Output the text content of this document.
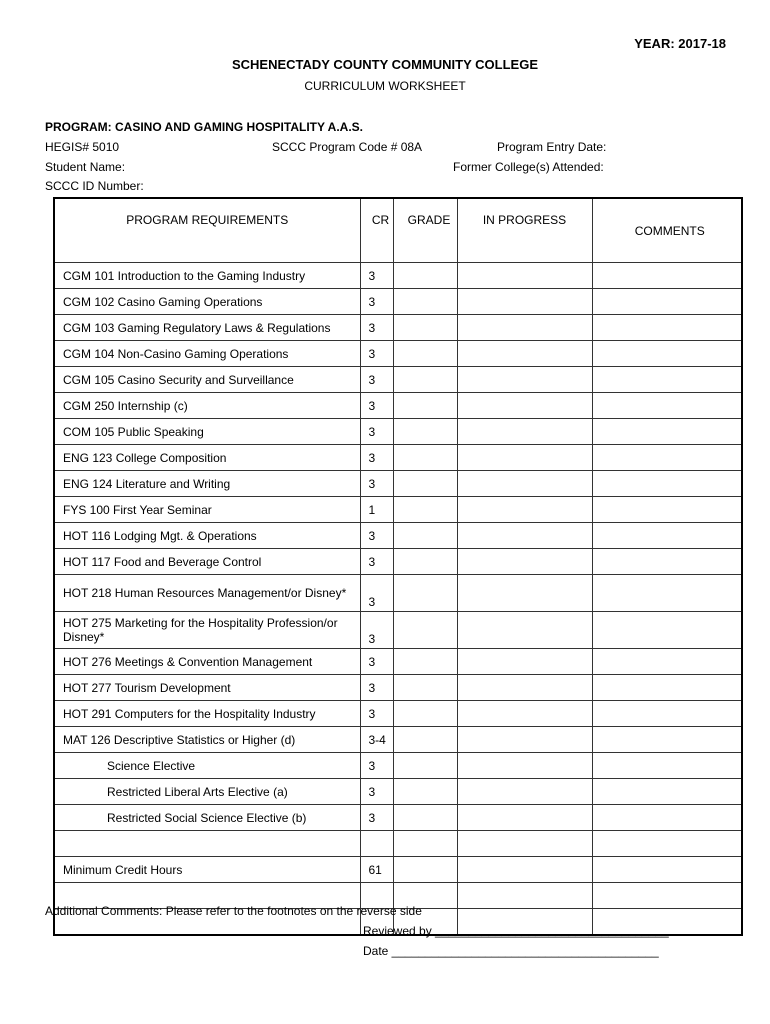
YEAR: 2017-18
SCHENECTADY COUNTY COMMUNITY COLLEGE
CURRICULUM WORKSHEET
PROGRAM: CASINO AND GAMING HOSPITALITY A.A.S.
HEGIS# 5010	SCCC Program Code # 08A	Program Entry Date:
Student Name:	Former College(s) Attended:
SCCC ID Number:
PROGRAM REQUIREMENTS	CR	GRADE	IN PROGRESS	COMMENTS
CGM 101 Introduction to the Gaming Industry	3			
CGM 102 Casino Gaming Operations	3			
CGM 103 Gaming Regulatory Laws & Regulations	3			
CGM 104 Non-Casino Gaming Operations	3			
CGM 105 Casino Security and Surveillance	3			
CGM 250 Internship (c)	3			
COM 105 Public Speaking	3			
ENG 123 College Composition	3			
ENG 124 Literature and Writing	3			
FYS 100 First Year Seminar	1			
HOT 116 Lodging Mgt. & Operations	3			
HOT 117 Food and Beverage Control	3			
HOT 218 Human Resources Management/or Disney*	3			
HOT 275 Marketing for the Hospitality Profession/or Disney*	3			
HOT 276 Meetings & Convention Management	3			
HOT 277 Tourism Development	3			
HOT 291 Computers for the Hospitality Industry	3			
MAT 126 Descriptive Statistics or Higher (d)	3-4			
Science Elective	3			
Restricted Liberal Arts Elective (a)	3			
Restricted Social Science Elective (b)	3			

Minimum Credit Hours	61			

Additional Comments: Please refer to the footnotes on the reverse side
Reviewed by ___________________________________
Date ________________________________________
